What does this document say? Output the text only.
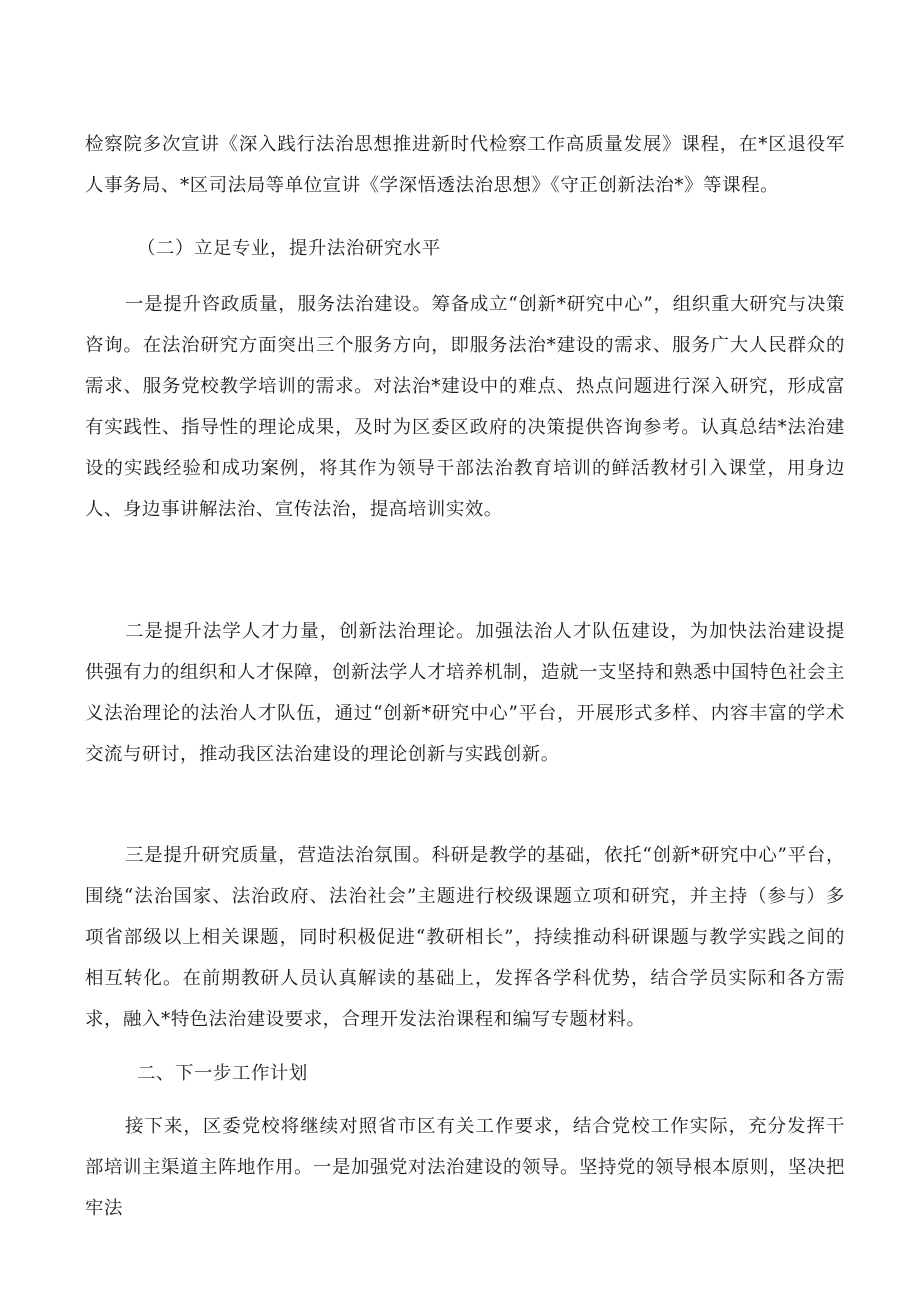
检察院多次宣讲《深入践行法治思想推进新时代检察工作高质量发展》课程，在*区退役军人事务局、*区司法局等单位宣讲《学深悟透法治思想》《守正创新法治*》等课程。

（二）立足专业，提升法治研究水平

一是提升咨政质量，服务法治建设。筹备成立“创新*研究中心”，组织重大研究与决策咨询。在法治研究方面突出三个服务方向，即服务法治*建设的需求、服务广大人民群众的需求、服务党校教学培训的需求。对法治*建设中的难点、热点问题进行深入研究，形成富有实践性、指导性的理论成果，及时为区委区政府的决策提供咨询参考。认真总结*法治建设的实践经验和成功案例，将其作为领导干部法治教育培训的鲜活教材引入课堂，用身边人、身边事讲解法治、宣传法治，提高培训实效。

二是提升法学人才力量，创新法治理论。加强法治人才队伍建设，为加快法治建设提供强有力的组织和人才保障，创新法学人才培养机制，造就一支坚持和熟悉中国特色社会主义法治理论的法治人才队伍，通过“创新*研究中心”平台，开展形式多样、内容丰富的学术交流与研讨，推动我区法治建设的理论创新与实践创新。

三是提升研究质量，营造法治氛围。科研是教学的基础，依托“创新*研究中心”平台，围绕“法治国家、法治政府、法治社会”主题进行校级课题立项和研究，并主持（参与）多项省部级以上相关课题，同时积极促进“教研相长”，持续推动科研课题与教学实践之间的相互转化。在前期教研人员认真解读的基础上，发挥各学科优势，结合学员实际和各方需求，融入*特色法治建设要求，合理开发法治课程和编写专题材料。

二、下一步工作计划

接下来，区委党校将继续对照省市区有关工作要求，结合党校工作实际，充分发挥干部培训主渠道主阵地作用。一是加强党对法治建设的领导。坚持党的领导根本原则，坚决把牢法
